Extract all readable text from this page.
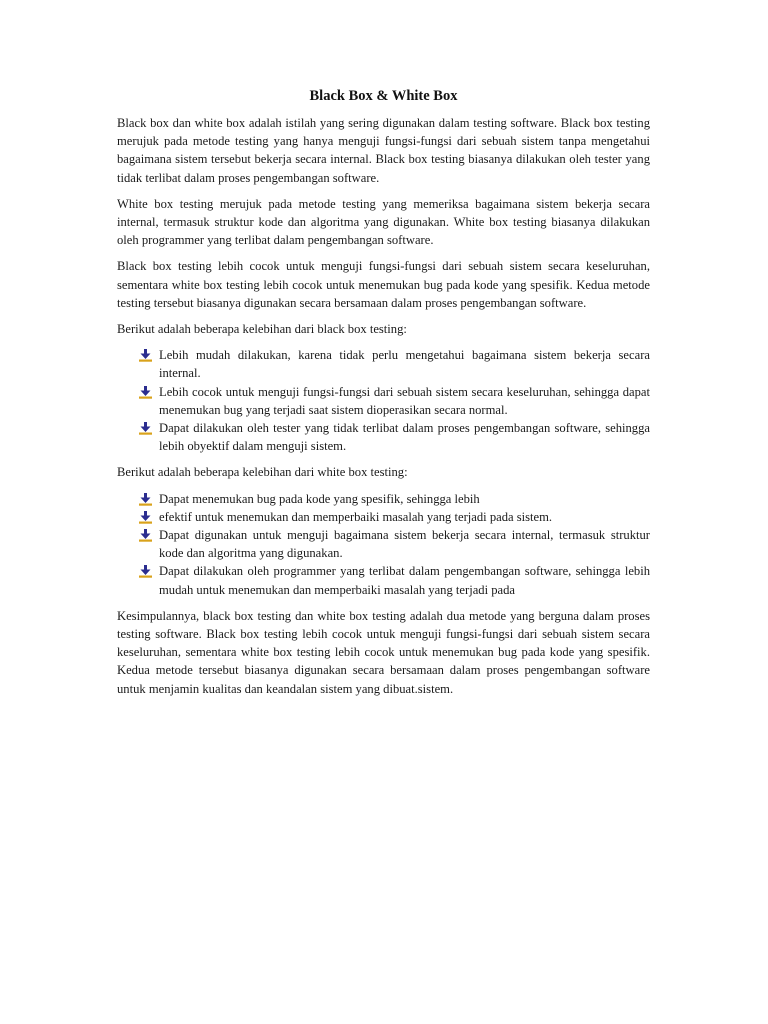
Black Box & White Box

Black box dan white box adalah istilah yang sering digunakan dalam testing software. Black box testing merujuk pada metode testing yang hanya menguji fungsi-fungsi dari sebuah sistem tanpa mengetahui bagaimana sistem tersebut bekerja secara internal. Black box testing biasanya dilakukan oleh tester yang tidak terlibat dalam proses pengembangan software.

White box testing merujuk pada metode testing yang memeriksa bagaimana sistem bekerja secara internal, termasuk struktur kode dan algoritma yang digunakan. White box testing biasanya dilakukan oleh programmer yang terlibat dalam pengembangan software.

Black box testing lebih cocok untuk menguji fungsi-fungsi dari sebuah sistem secara keseluruhan, sementara white box testing lebih cocok untuk menemukan bug pada kode yang spesifik. Kedua metode testing tersebut biasanya digunakan secara bersamaan dalam proses pengembangan software.

Berikut adalah beberapa kelebihan dari black box testing:

Lebih mudah dilakukan, karena tidak perlu mengetahui bagaimana sistem bekerja secara internal.
Lebih cocok untuk menguji fungsi-fungsi dari sebuah sistem secara keseluruhan, sehingga dapat menemukan bug yang terjadi saat sistem dioperasikan secara normal.
Dapat dilakukan oleh tester yang tidak terlibat dalam proses pengembangan software, sehingga lebih obyektif dalam menguji sistem.

Berikut adalah beberapa kelebihan dari white box testing:

Dapat menemukan bug pada kode yang spesifik, sehingga lebih
efektif untuk menemukan dan memperbaiki masalah yang terjadi pada sistem.
Dapat digunakan untuk menguji bagaimana sistem bekerja secara internal, termasuk struktur kode dan algoritma yang digunakan.
Dapat dilakukan oleh programmer yang terlibat dalam pengembangan software, sehingga lebih mudah untuk menemukan dan memperbaiki masalah yang terjadi pada

Kesimpulannya, black box testing dan white box testing adalah dua metode yang berguna dalam proses testing software. Black box testing lebih cocok untuk menguji fungsi-fungsi dari sebuah sistem secara keseluruhan, sementara white box testing lebih cocok untuk menemukan bug pada kode yang spesifik. Kedua metode tersebut biasanya digunakan secara bersamaan dalam proses pengembangan software untuk menjamin kualitas dan keandalan sistem yang dibuat.sistem.
